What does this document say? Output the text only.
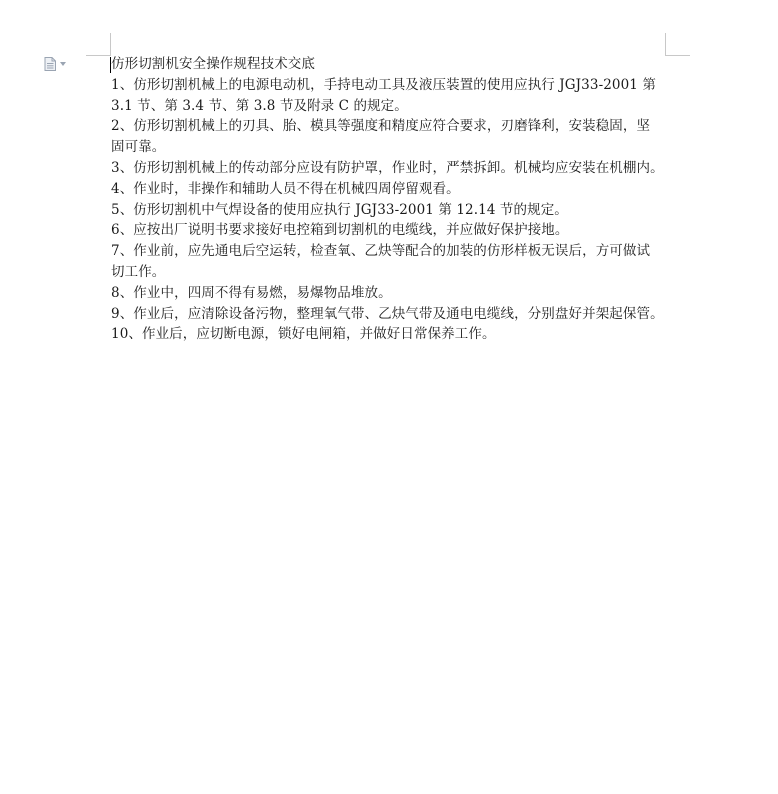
仿形切割机安全操作规程技术交底
1、仿形切割机械上的电源电动机，手持电动工具及液压装置的使用应执行 JGJ33-2001 第
3.1 节、第 3.4 节、第 3.8 节及附录 C 的规定。
2、仿形切割机械上的刃具、胎、模具等强度和精度应符合要求，刃磨锋利，安装稳固，坚
固可靠。
3、仿形切割机械上的传动部分应设有防护罩，作业时，严禁拆卸。机械均应安装在机棚内。
4、作业时，非操作和辅助人员不得在机械四周停留观看。
5、仿形切割机中气焊设备的使用应执行 JGJ33-2001 第 12.14 节的规定。
6、应按出厂说明书要求接好电控箱到切割机的电缆线，并应做好保护接地。
7、作业前，应先通电后空运转，检查氧、乙炔等配合的加装的仿形样板无误后，方可做试
切工作。
8、作业中，四周不得有易燃，易爆物品堆放。
9、作业后，应清除设备污物，整理氧气带、乙炔气带及通电电缆线，分别盘好并架起保管。
10、作业后，应切断电源，锁好电闸箱，并做好日常保养工作。
